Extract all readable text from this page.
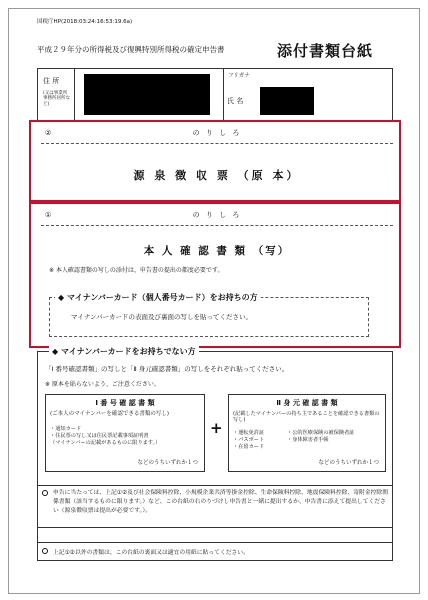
国税庁HP(2018:03:24:16:53:19.6a)
平成２９年分の所得税及び復興特別所得税の確定申告書	添付書類台紙
住 所
(又は事業所事務所居所など)
フリガナ
氏 名
②	の り し ろ
源 泉 徴 収 票 （原 本）
①	の り し ろ
本 人 確 認 書 類 （写）
※ 本人確認書類の写しの添付は、申告書の提出の都度必要です。
◆ マイナンバーカード（個人番号カード）をお持ちの方
マイナンバーカードの表面及び裏面の写しを貼ってください。
◆ マイナンバーカードをお持ちでない方
「Ⅰ 番号確認書類」の写しと「Ⅱ 身元確認書類」の写しをそれぞれ貼ってください。
※ 原本を貼らないよう、ご注意ください。
Ⅰ 番 号 確 認 書 類
(ご本人のマイナンバーを確認できる書類の写し)
・通知カード
・住民票の写し又は住民票記載事項証明書
（マイナンバーの記載があるものに限ります。）
などのうちいずれか１つ
+
Ⅱ 身 元 確 認 書 類
(記載したマイナンバーの持ち主であることを確認できる書類の写し)
・運転免許証
・パスポート
・在留カード
・公的医療保険の被保険者証
・身体障害者手帳
などのうちいずれか１つ
申告に当たっては、上記①②及び社会保険料控除、小規模企業共済等掛金控除、生命保険料控除、地震保険料控除、寄附金控除関係書類（該当するものに限ります。）など、この台紙の右のりづけし申告書と一緒に提出するか、申告書に添えて提出してください（源泉徴収票は提出が必要です。）。
上記①②以外の書類は、この台紙の裏面又は適宜の用紙に貼ってください。
